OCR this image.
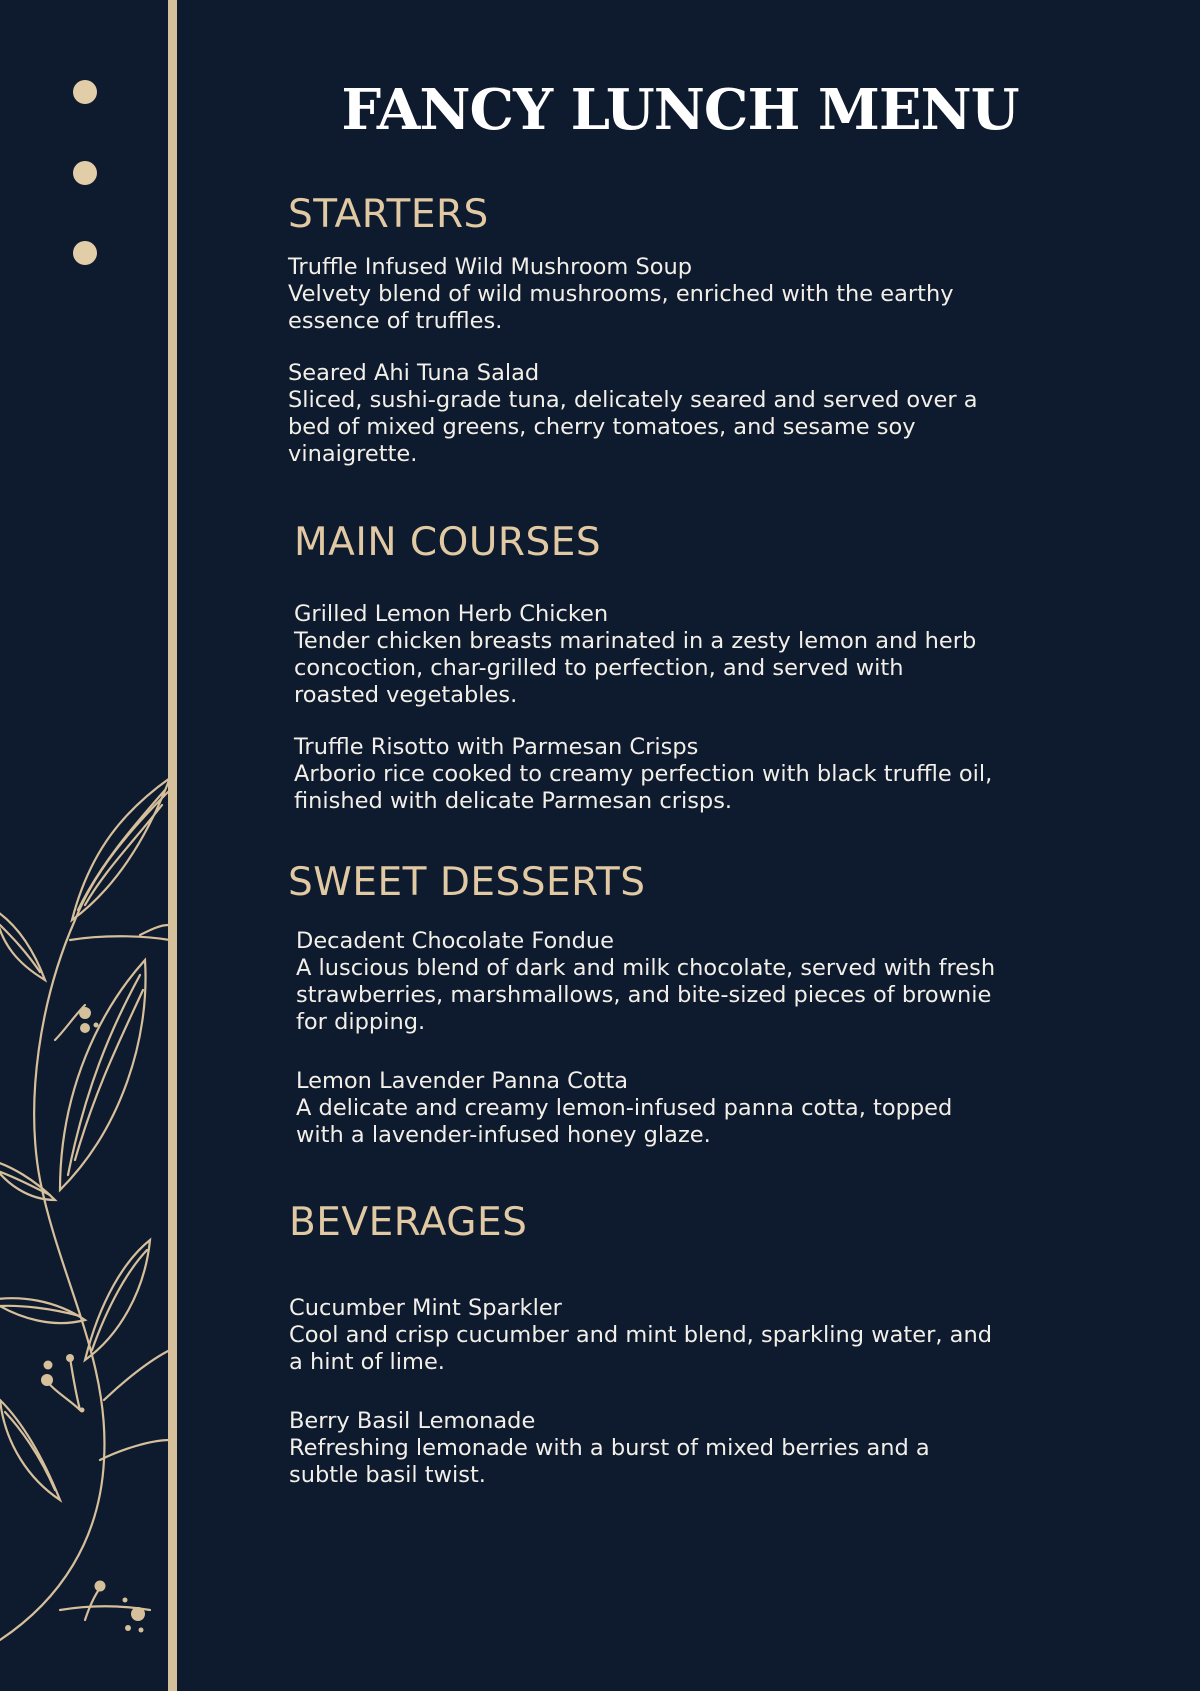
FANCY LUNCH MENU
STARTERS
Truffle Infused Wild Mushroom Soup
Velvety blend of wild mushrooms, enriched with the earthy essence of truffles.
Seared Ahi Tuna Salad
Sliced, sushi-grade tuna, delicately seared and served over a bed of mixed greens, cherry tomatoes, and sesame soy vinaigrette.
MAIN COURSES
Grilled Lemon Herb Chicken
Tender chicken breasts marinated in a zesty lemon and herb concoction, char-grilled to perfection, and served with roasted vegetables.
Truffle Risotto with Parmesan Crisps
Arborio rice cooked to creamy perfection with black truffle oil, finished with delicate Parmesan crisps.
SWEET DESSERTS
Decadent Chocolate Fondue
A luscious blend of dark and milk chocolate, served with fresh strawberries, marshmallows, and bite-sized pieces of brownie for dipping.
Lemon Lavender Panna Cotta
A delicate and creamy lemon-infused panna cotta, topped with a lavender-infused honey glaze.
BEVERAGES
Cucumber Mint Sparkler
Cool and crisp cucumber and mint blend, sparkling water, and a hint of lime.
Berry Basil Lemonade
Refreshing lemonade with a burst of mixed berries and a subtle basil twist.
